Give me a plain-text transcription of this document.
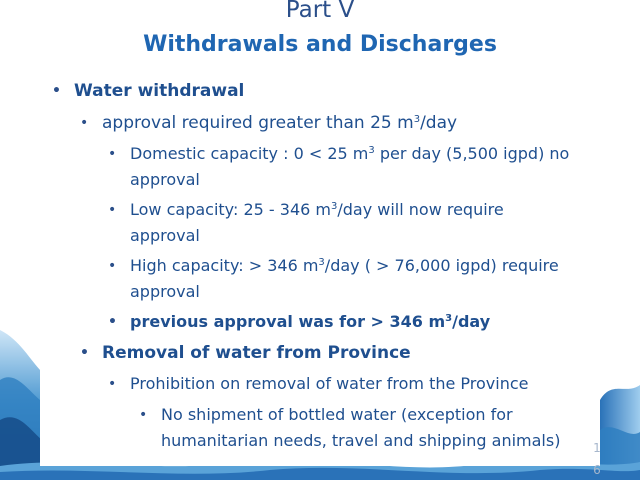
Part V
Withdrawals and Discharges
• Water withdrawal
• approval required greater than 25 $m^3$/day
• Domestic capacity : 0 < 25 $m^3$ per day (5,500 igpd) no
approval
• Low capacity: 25 - 346 $m^3$/day will now require
approval
• High capacity: > 346 $m^3$/day ( > 76,000 igpd) require
approval
• previous approval was for > 346 $m^3$/day
• Removal of water from Province
• Prohibition on removal of water from the Province
• No shipment of bottled water (exception for
humanitarian needs, travel and shipping animals)	1
6
